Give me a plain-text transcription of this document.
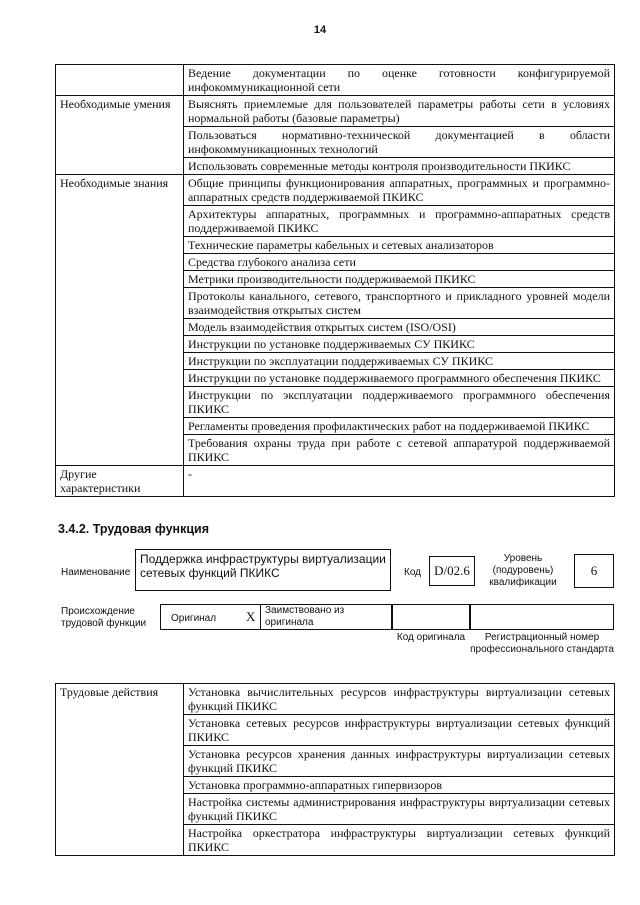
14
	Ведение документации по оценке готовности конфигурируемой инфокоммуникационной сети
Необходимые умения	Выяснять приемлемые для пользователей параметры работы сети в условиях нормальной работы (базовые параметры)
	Пользоваться нормативно-технической документацией в области инфокоммуникационных технологий
	Использовать современные методы контроля производительности ПКИКС
Необходимые знания	Общие принципы функционирования аппаратных, программных и программно-аппаратных средств поддерживаемой ПКИКС
	Архитектуры аппаратных, программных и программно-аппаратных средств поддерживаемой ПКИКС
	Технические параметры кабельных и сетевых анализаторов
	Средства глубокого анализа сети
	Метрики производительности поддерживаемой ПКИКС
	Протоколы канального, сетевого, транспортного и прикладного уровней модели взаимодействия открытых систем
	Модель взаимодействия открытых систем (ISO/OSI)
	Инструкции по установке поддерживаемых СУ ПКИКС
	Инструкции по эксплуатации поддерживаемых СУ ПКИКС
	Инструкции по установке поддерживаемого программного обеспечения ПКИКС
	Инструкции по эксплуатации поддерживаемого программного обеспечения ПКИКС
	Регламенты проведения профилактических работ на поддерживаемой ПКИКС
	Требования охраны труда при работе с сетевой аппаратурой поддерживаемой ПКИКС
Другие характеристики	-
3.4.2. Трудовая функция
Наименование
Поддержка инфраструктуры виртуализации сетевых функций ПКИКС	Код	D/02.6
Уровень (подуровень) квалификации
6
Происхождение трудовой функции	Оригинал X Заимствовано из оригинала
Код оригинала	Регистрационный номер профессионального стандарта
Трудовые действия	Установка вычислительных ресурсов инфраструктуры виртуализации сетевых функций ПКИКС
Установка сетевых ресурсов инфраструктуры виртуализации сетевых функций ПКИКС
Установка ресурсов хранения данных инфраструктуры виртуализации сетевых функций ПКИКС
Установка программно-аппаратных гипервизоров
Настройка системы администрирования инфраструктуры виртуализации сетевых функций ПКИКС
Настройка оркестратора инфраструктуры виртуализации сетевых функций ПКИКС
